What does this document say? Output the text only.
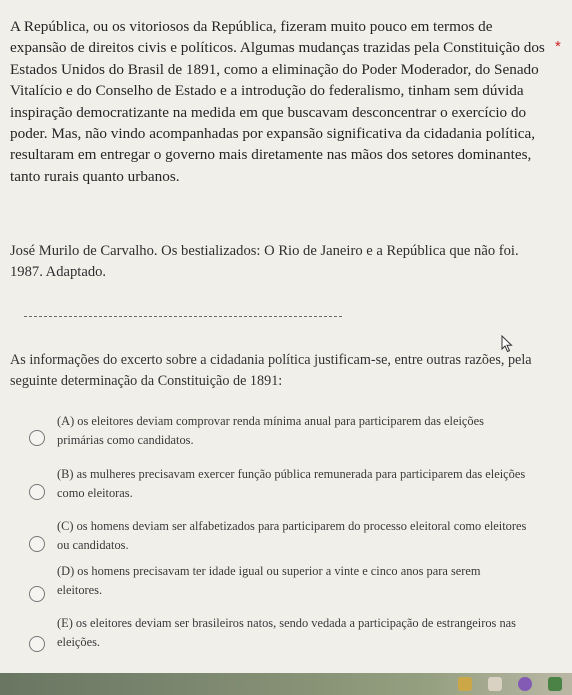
A República, ou os vitoriosos da República, fizeram muito pouco em termos de expansão de direitos civis e políticos. Algumas mudanças trazidas pela Constituição dos Estados Unidos do Brasil de 1891, como a eliminação do Poder Moderador, do Senado Vitalício e do Conselho de Estado e a introdução do federalismo, tinham sem dúvida inspiração democratizante na medida em que buscavam desconcentrar o exercício do poder. Mas, não vindo acompanhadas por expansão significativa da cidadania política, resultaram em entregar o governo mais diretamente nas mãos dos setores dominantes, tanto rurais quanto urbanos.

*

José Murilo de Carvalho. Os bestializados: O Rio de Janeiro e a República que não foi. 1987. Adaptado.

As informações do excerto sobre a cidadania política justificam-se, entre outras razões, pela seguinte determinação da Constituição de 1891:

(A) os eleitores deviam comprovar renda mínima anual para participarem das eleições primárias como candidatos.
(B) as mulheres precisavam exercer função pública remunerada para participarem das eleições como eleitoras.
(C) os homens deviam ser alfabetizados para participarem do processo eleitoral como eleitores ou candidatos.
(D) os homens precisavam ter idade igual ou superior a vinte e cinco anos para serem eleitores.
(E) os eleitores deviam ser brasileiros natos, sendo vedada a participação de estrangeiros nas eleições.
